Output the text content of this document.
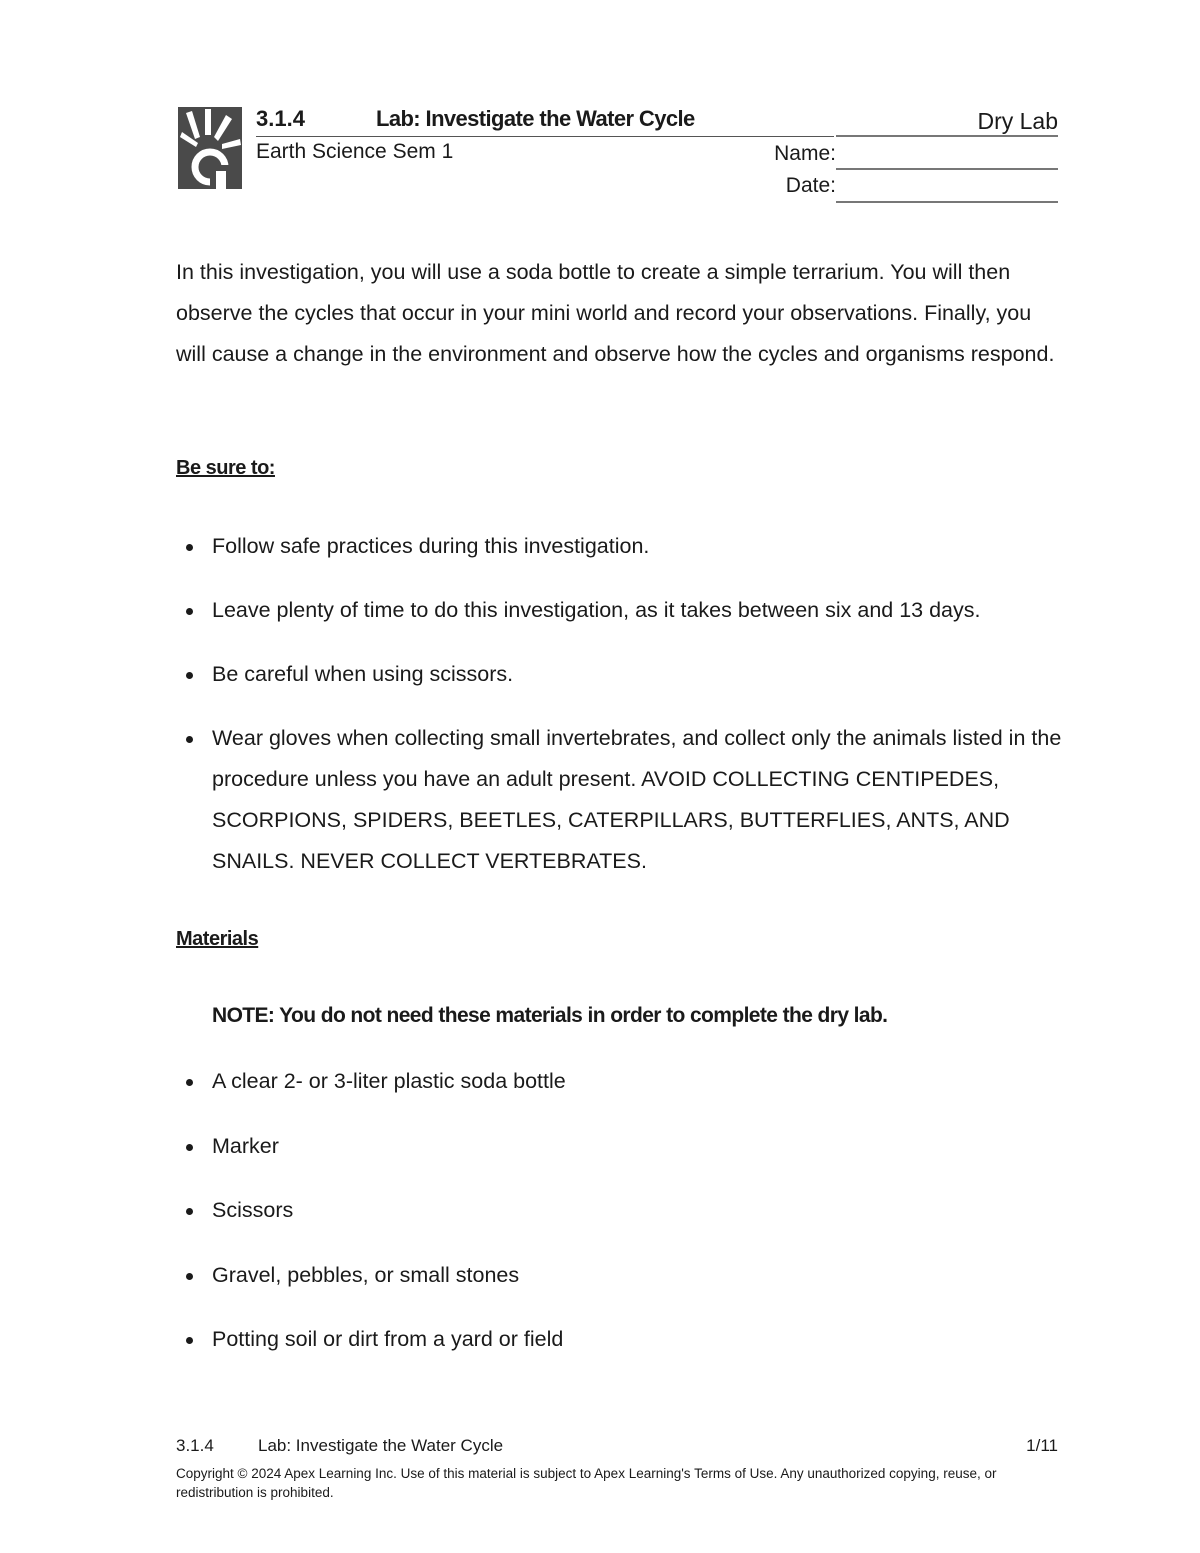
3.1.4	Lab: Investigate the Water Cycle	Dry Lab
Earth Science Sem 1	Name:
Date:

In this investigation, you will use a soda bottle to create a simple terrarium. You will then observe the cycles that occur in your mini world and record your observations. Finally, you will cause a change in the environment and observe how the cycles and organisms respond.

Be sure to:
Follow safe practices during this investigation.
Leave plenty of time to do this investigation, as it takes between six and 13 days.
Be careful when using scissors.
Wear gloves when collecting small invertebrates, and collect only the animals listed in the procedure unless you have an adult present. AVOID COLLECTING CENTIPEDES, SCORPIONS, SPIDERS, BEETLES, CATERPILLARS, BUTTERFLIES, ANTS, AND SNAILS. NEVER COLLECT VERTEBRATES.
Materials
NOTE: You do not need these materials in order to complete the dry lab.
A clear 2- or 3-liter plastic soda bottle
Marker
Scissors
Gravel, pebbles, or small stones
Potting soil or dirt from a yard or field
3.1.4	Lab: Investigate the Water Cycle	1/11
Copyright © 2024 Apex Learning Inc. Use of this material is subject to Apex Learning's Terms of Use. Any unauthorized copying, reuse, or redistribution is prohibited.
